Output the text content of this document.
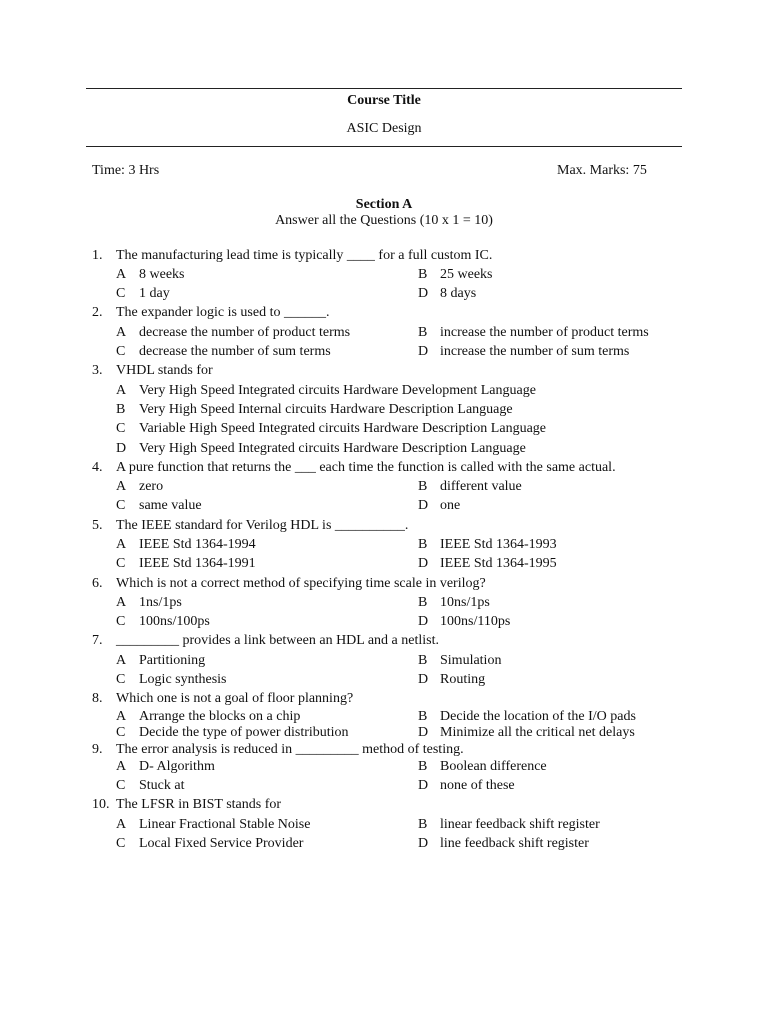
Course Title
ASIC Design
Time: 3 Hrs	Max. Marks: 75
Section A
Answer all the Questions (10 x 1 = 10)
1. The manufacturing lead time is typically ____ for a full custom IC.
A 8 weeks	B 25 weeks
C 1 day	D 8 days
2. The expander logic is used to ______.
A decrease the number of product terms	B increase the number of product terms
C decrease the number of sum terms	D increase the number of sum terms
3. VHDL stands for
A Very High Speed Integrated circuits Hardware Development Language
B Very High Speed Internal circuits Hardware Description Language
C Variable High Speed Integrated circuits Hardware Description Language
D Very High Speed Integrated circuits Hardware Description Language
4. A pure function that returns the ___ each time the function is called with the same actual.
A zero	B different value
C same value	D one
5. The IEEE standard for Verilog HDL is __________.
A IEEE Std 1364-1994	B IEEE Std 1364-1993
C IEEE Std 1364-1991	D IEEE Std 1364-1995
6. Which is not a correct method of specifying time scale in verilog?
A 1ns/1ps	B 10ns/1ps
C 100ns/100ps	D 100ns/110ps
7. _________ provides a link between an HDL and a netlist.
A Partitioning	B Simulation
C Logic synthesis	D Routing
8. Which one is not a goal of floor planning?
A Arrange the blocks on a chip	B Decide the location of the I/O pads
C Decide the type of power distribution	D Minimize all the critical net delays
9. The error analysis is reduced in _________ method of testing.
A D- Algorithm	B Boolean difference
C Stuck at	D none of these
10. The LFSR in BIST stands for
A Linear Fractional Stable Noise	B linear feedback shift register
C Local Fixed Service Provider	D line feedback shift register
